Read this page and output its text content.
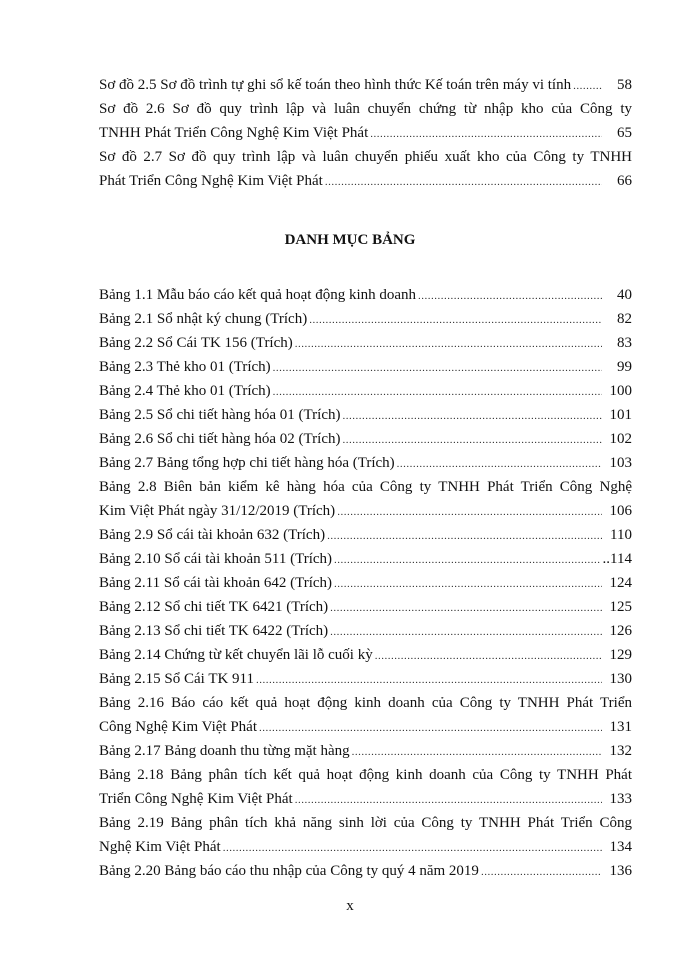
Sơ đồ 2.5 Sơ đồ trình tự ghi sổ kế toán theo hình thức Kế toán trên máy vi tính .....	58
Sơ đồ 2.6 Sơ đồ quy trình lập và luân chuyển chứng từ nhập kho của Công ty
TNHH Phát Triển Công Nghệ Kim Việt Phát .....	65
Sơ đồ 2.7 Sơ đồ quy trình lập và luân chuyển phiếu xuất kho của Công ty TNHH
Phát Triển Công Nghệ Kim Việt Phát .....	66
DANH MỤC BẢNG
Bảng 1.1 Mẫu báo cáo kết quả hoạt động kinh doanh .....	40
Bảng 2.1 Sổ nhật ký chung (Trích) .....	82
Bảng 2.2 Sổ Cái TK 156 (Trích) .....	83
Bảng 2.3 Thẻ kho 01 (Trích) .....	99
Bảng 2.4 Thẻ kho 01 (Trích) .....	100
Bảng 2.5 Sổ chi tiết hàng hóa 01 (Trích) .....	101
Bảng 2.6 Sổ chi tiết hàng hóa 02 (Trích) .....	102
Bảng 2.7 Bảng tổng hợp chi tiết hàng hóa (Trích) .....	103
Bảng 2.8 Biên bản kiểm kê hàng hóa của Công ty TNHH Phát Triển Công Nghệ
Kim Việt Phát ngày 31/12/2019 (Trích) .....	106
Bảng 2.9 Sổ cái tài khoản 632 (Trích) .....	110
Bảng 2.10 Sổ cái tài khoản 511 (Trích) .....	..114
Bảng 2.11 Sổ cái tài khoản 642 (Trích) .....	124
Bảng 2.12 Sổ chi tiết TK 6421 (Trích) .....	125
Bảng 2.13 Sổ chi tiết TK 6422 (Trích) .....	126
Bảng 2.14 Chứng từ kết chuyển lãi lỗ cuối kỳ .....	129
Bảng 2.15 Sổ Cái TK 911 .....	130
Bảng 2.16 Báo cáo kết quả hoạt động kinh doanh của Công ty TNHH Phát Triển
Công Nghệ Kim Việt Phát .....	131
Bảng 2.17 Bảng doanh thu từng mặt hàng .....	132
Bảng 2.18 Bảng phân tích kết quả hoạt động kinh doanh của Công ty TNHH Phát
Triển Công Nghệ Kim Việt Phát .....	133
Bảng 2.19 Bảng phân tích khả năng sinh lời của Công ty TNHH Phát Triển Công
Nghệ Kim Việt Phát .....	134
Bảng 2.20 Bảng báo cáo thu nhập của Công ty quý 4 năm 2019 .....	136
x
